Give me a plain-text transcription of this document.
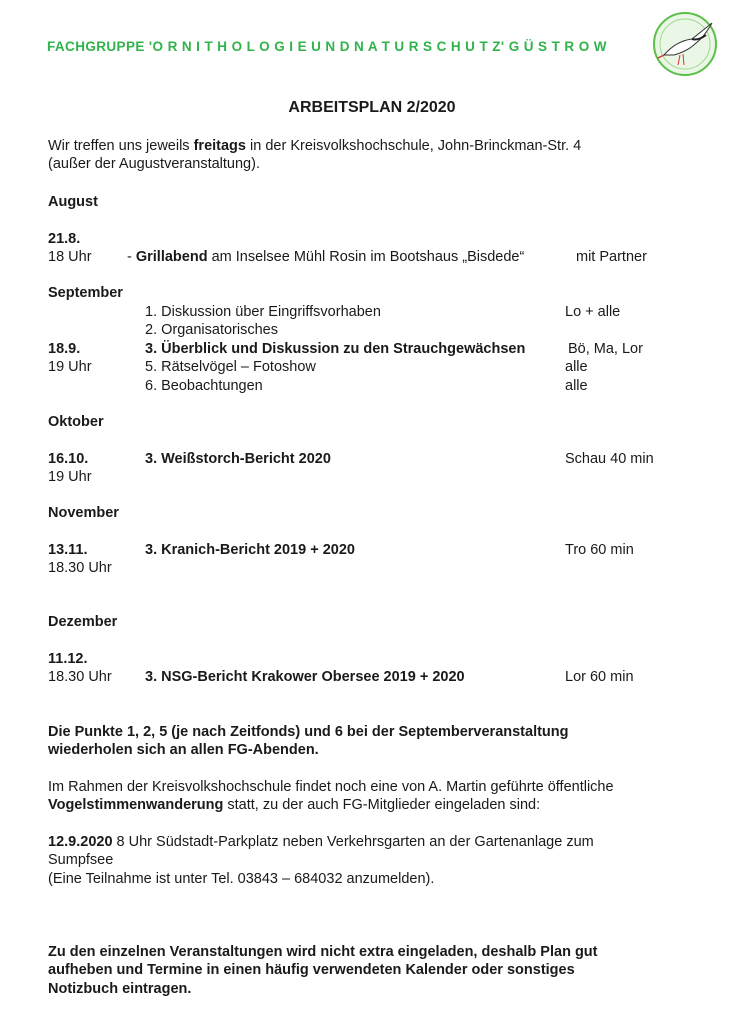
FACHGRUPPE 'O R N I T H O L O G I E U N D N A T U R S C H U T Z' G Ü S T R O W
ARBEITSPLAN 2/2020
Wir treffen uns jeweils freitags in der Kreisvolkshochschule, John-Brinckman-Str. 4
(außer der Augustveranstaltung).
August
21.8.
18 Uhr - Grillabend am Inselsee Mühl Rosin im Bootshaus „Bisdede“	mit Partner
September
1. Diskussion über Eingriffsvorhaben	Lo + alle
2. Organisatorisches
18.9.	3. Überblick und Diskussion zu den Strauchgewächsen	Bö, Ma, Lor
19 Uhr	5. Rätselvögel – Fotoshow	alle
6. Beobachtungen	alle
Oktober
16.10.	3. Weißstorch-Bericht 2020	Schau 40 min
19 Uhr
November
13.11.	3. Kranich-Bericht 2019 + 2020	Tro 60 min
18.30 Uhr
Dezember
11.12.
18.30 Uhr 3. NSG-Bericht Krakower Obersee 2019 + 2020	Lor 60 min
Die Punkte 1, 2, 5 (je nach Zeitfonds) und 6 bei der Septemberveranstaltung
wiederholen sich an allen FG-Abenden.
Im Rahmen der Kreisvolkshochschule findet noch eine von A. Martin geführte öffentliche
Vogelstimmenwanderung statt, zu der auch FG-Mitglieder eingeladen sind:
12.9.2020 8 Uhr Südstadt-Parkplatz neben Verkehrsgarten an der Gartenanlage zum
Sumpfsee
(Eine Teilnahme ist unter Tel. 03843 – 684032 anzumelden).
Zu den einzelnen Veranstaltungen wird nicht extra eingeladen, deshalb Plan gut
aufheben und Termine in einen häufig verwendeten Kalender oder sonstiges
Notizbuch eintragen.
